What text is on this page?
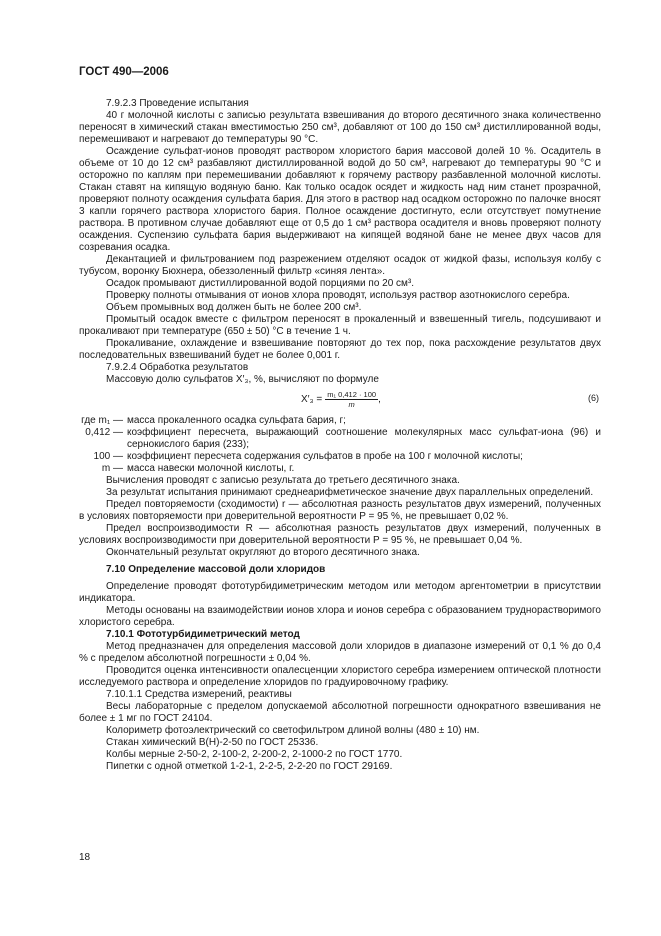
ГОСТ 490—2006

7.9.2.3 Проведение испытания

40 г молочной кислоты с записью результата взвешивания до второго десятичного знака количественно переносят в химический стакан вместимостью 250 см³, добавляют от 100 до 150 см³ дистиллированной воды, перемешивают и нагревают до температуры 90 °С.

Осаждение сульфат-ионов проводят раствором хлористого бария массовой долей 10 %. Осадитель в объеме от 10 до 12 см³ разбавляют дистиллированной водой до 50 см³, нагревают до температуры 90 °С и осторожно по каплям при перемешивании добавляют к горячему раствору разбавленной молочной кислоты. Стакан ставят на кипящую водяную баню. Как только осадок осядет и жидкость над ним станет прозрачной, проверяют полноту осаждения сульфата бария. Для этого в раствор над осадком осторожно по палочке вносят 3 капли горячего раствора хлористого бария. Полное осаждение достигнуто, если отсутствует помутнение раствора. В противном случае добавляют еще от 0,5 до 1 см³ раствора осадителя и вновь проверяют полноту осаждения. Суспензию сульфата бария выдерживают на кипящей водяной бане не менее двух часов для созревания осадка.

Декантацией и фильтрованием под разрежением отделяют осадок от жидкой фазы, используя колбу с тубусом, воронку Бюхнера, обеззоленный фильтр «синяя лента».

Осадок промывают дистиллированной водой порциями по 20 см³.

Проверку полноты отмывания от ионов хлора проводят, используя раствор азотнокислого серебра.

Объем промывных вод должен быть не более 200 см³.

Промытый осадок вместе с фильтром переносят в прокаленный и взвешенный тигель, подсушивают и прокаливают при температуре (650 ± 50) °С в течение 1 ч.

Прокаливание, охлаждение и взвешивание повторяют до тех пор, пока расхождение результатов двух последовательных взвешиваний будет не более 0,001 г.

7.9.2.4 Обработка результатов

Массовую долю сульфатов X′₃, %, вычисляют по формуле

$X'_3 = \frac{\text{m₁ 0,412 · 100}}{m}$ ,	(6)
где m₁ — масса прокаленного осадка сульфата бария, г;
0,412 — коэффициент пересчета, выражающий соотношение молекулярных масс сульфат-иона (96) и сернокислого бария (233);
100 — коэффициент пересчета содержания сульфатов в пробе на 100 г молочной кислоты;
m — масса навески молочной кислоты, г.

Вычисления проводят с записью результата до третьего десятичного знака.

За результат испытания принимают среднеарифметическое значение двух параллельных определений.

Предел повторяемости (сходимости) r — абсолютная разность результатов двух измерений, полученных в условиях повторяемости при доверительной вероятности P = 95 %, не превышает 0,02 %.

Предел воспроизводимости R — абсолютная разность результатов двух измерений, полученных в условиях воспроизводимости при доверительной вероятности P = 95 %, не превышает 0,04 %.

Окончательный результат округляют до второго десятичного знака.

7.10 Определение массовой доли хлоридов

Определение проводят фототурбидиметрическим методом или методом аргентометрии в присутствии индикатора.

Методы основаны на взаимодействии ионов хлора и ионов серебра с образованием труднорастворимого хлористого серебра.

7.10.1 Фототурбидиметрический метод

Метод предназначен для определения массовой доли хлоридов в диапазоне измерений от 0,1 % до 0,4 % с пределом абсолютной погрешности ± 0,04 %.

Проводится оценка интенсивности опалесценции хлористого серебра измерением оптической плотности исследуемого раствора и определение хлоридов по градуировочному графику.

7.10.1.1 Средства измерений, реактивы

Весы лабораторные с пределом допускаемой абсолютной погрешности однократного взвешивания не более ± 1 мг по ГОСТ 24104.

Колориметр фотоэлектрический со светофильтром длиной волны (480 ± 10) нм.

Стакан химический В(Н)-2-50 по ГОСТ 25336.

Колбы мерные 2-50-2, 2-100-2, 2-200-2, 2-1000-2 по ГОСТ 1770.

Пипетки с одной отметкой 1-2-1, 2-2-5, 2-2-20 по ГОСТ 29169.

18
